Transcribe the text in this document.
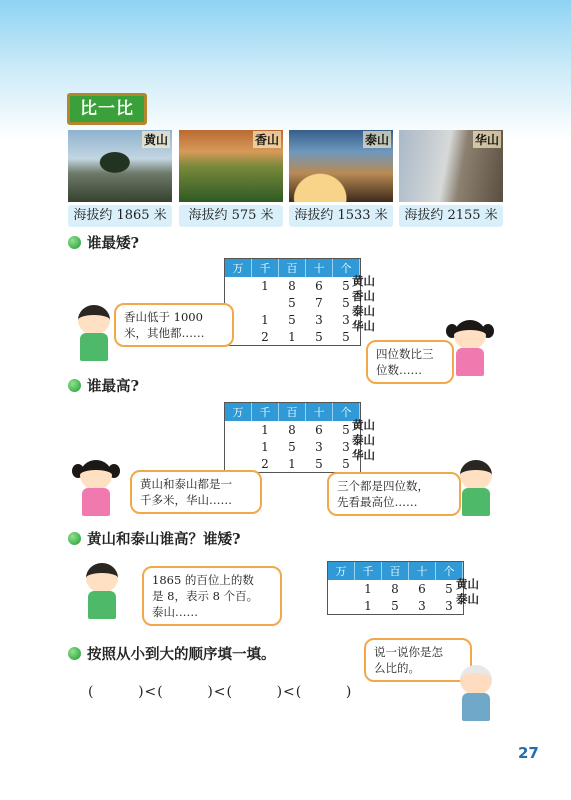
比一比
黄山	香山	泰山	华山
海拔约 1865 米	海拔约 575 米	海拔约 1533 米	海拔约 2155 米
谁最矮?
万	千	百	十	个
	1	8	6	5
		5	7	5
	1	5	3	3
	2	1	5	5
黄山
香山
泰山
华山
香山低于 1000
米，其他都……
四位数比三
位数……
谁最高?
万	千	百	十	个
	1	8	6	5
	1	5	3	3
	2	1	5	5
黄山
泰山
华山
黄山和泰山都是一
千多米，华山……
三个都是四位数，
先看最高位……
黄山和泰山谁高？谁矮?
1865 的百位上的数
是 8，表示 8 个百。
泰山……
万	千	百	十	个
	1	8	6	5
	1	5	3	3
黄山
泰山
按照从小到大的顺序填一填。	说一说你是怎
么比的。
(        )<(        )<(        )<(        )
27
